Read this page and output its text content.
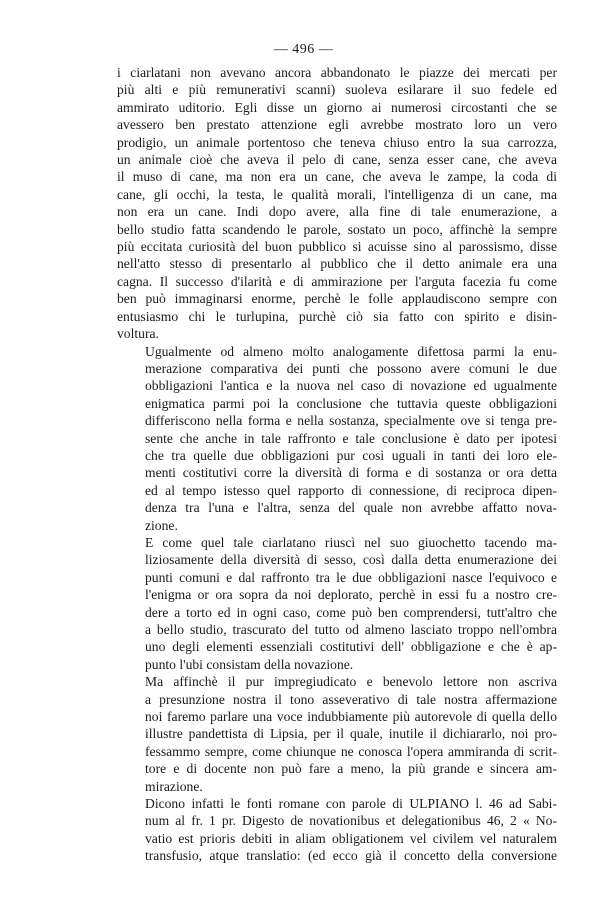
— 496 —

i ciarlatani non avevano ancora abbandonato le piazze dei mercati per
più alti e più remunerativi scanni) suoleva esilarare il suo fedele ed
ammirato uditorio. Egli disse un giorno ai numerosi circostanti che se
avessero ben prestato attenzione egli avrebbe mostrato loro un vero
prodigio, un animale portentoso che teneva chiuso entro la sua carrozza,
un animale cioè che aveva il pelo di cane, senza esser cane, che aveva
il muso di cane, ma non era un cane, che aveva le zampe, la coda di
cane, gli occhi, la testa, le qualità morali, l'intelligenza di un cane, ma
non era un cane. Indi dopo avere, alla fine di tale enumerazione, a
bello studio fatta scandendo le parole, sostato un poco, affinchè la sempre
più eccitata curiosità del buon pubblico si acuisse sino al parossismo, disse
nell'atto stesso di presentarlo al pubblico che il detto animale era una
cagna. Il successo d'ilarità e di ammirazione per l'arguta facezia fu come
ben può immaginarsi enorme, perchè le folle applaudiscono sempre con
entusiasmo chi le turlupina, purchè ciò sia fatto con spirito e disin-
voltura.

Ugualmente od almeno molto analogamente difettosa parmi la enu-
merazione comparativa dei punti che possono avere comuni le due
obbligazioni l'antica e la nuova nel caso di novazione ed ugualmente
enigmatica parmi poi la conclusione che tuttavia queste obbligazioni
differiscono nella forma e nella sostanza, specialmente ove si tenga pre-
sente che anche in tale raffronto e tale conclusione è dato per ipotesi
che tra quelle due obbligazioni pur così uguali in tanti dei loro ele-
menti costitutivi corre la diversità di forma e di sostanza or ora detta
ed al tempo istesso quel rapporto di connessione, di reciproca dipen-
denza tra l'una e l'altra, senza del quale non avrebbe affatto nova-
zione.

E come quel tale ciarlatano riuscì nel suo giuochetto tacendo ma-
liziosamente della diversità di sesso, così dalla detta enumerazione dei
punti comuni e dal raffronto tra le due obbligazioni nasce l'equivoco e
l'enigma or ora sopra da noi deplorato, perchè in essi fu a nostro cre-
dere a torto ed in ogni caso, come può ben comprendersi, tutt'altro che
a bello studio, trascurato del tutto od almeno lasciato troppo nell'ombra
uno degli elementi essenziali costitutivi dell' obbligazione e che è ap-
punto l'ubi consistam della novazione.

Ma affinchè il pur impregiudicato e benevolo lettore non ascriva
a presunzione nostra il tono asseverativo di tale nostra affermazione
noi faremo parlare una voce indubbiamente più autorevole di quella dello
illustre pandettista di Lipsia, per il quale, inutile il dichiararlo, noi pro-
fessammo sempre, come chiunque ne conosca l'opera ammiranda di scrit-
tore e di docente non può fare a meno, la più grande e sincera am-
mirazione.

Dicono infatti le fonti romane con parole di ULPIANO l. 46 ad Sabi-
num al fr. 1 pr. Digesto de novationibus et delegationibus 46, 2 « No-
vatio est prioris debiti in aliam obligationem vel civilem vel naturalem
transfusio, atque translatio: (ed ecco già il concetto della conversione
